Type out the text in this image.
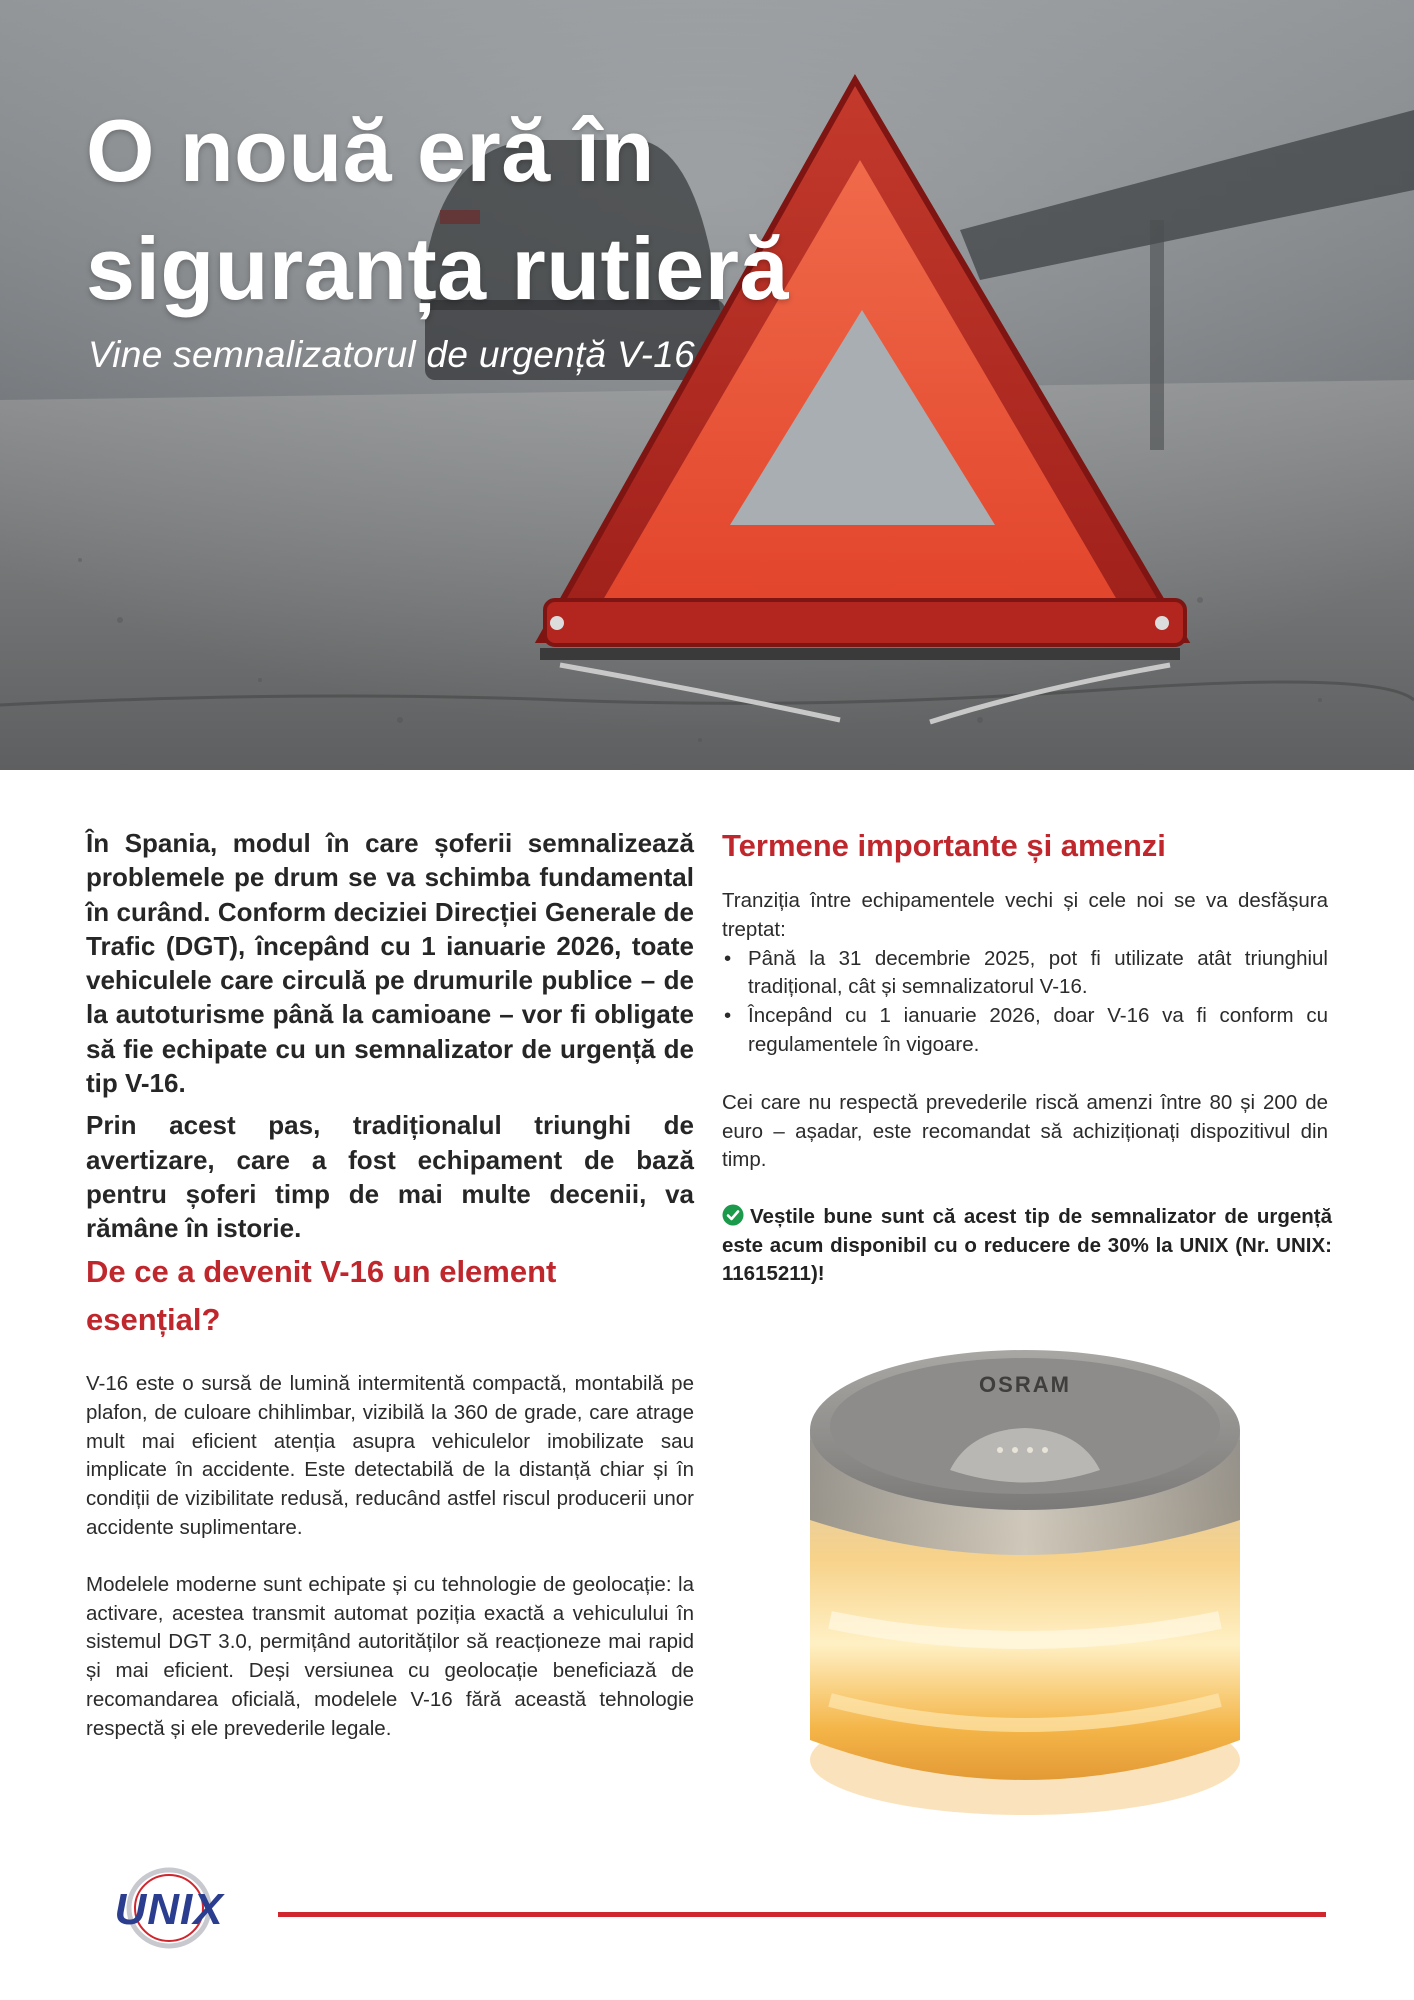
O nouă eră în
siguranța rutieră
Vine semnalizatorul de urgență V-16

În Spania, modul în care șoferii semnalizează problemele pe drum se va schimba fundamental în curând. Conform deciziei Direcției Generale de Trafic (DGT), începând cu 1 ianuarie 2026, toate vehiculele care circulă pe drumurile publice – de la autoturisme până la camioane – vor fi obligate să fie echipate cu un semnalizator de urgență de tip V-16.

Prin acest pas, tradiționalul triunghi de avertizare, care a fost echipament de bază pentru șoferi timp de mai multe decenii, va rămâne în istorie.

De ce a devenit V-16 un element
esențial?

V-16 este o sursă de lumină intermitentă compactă, montabilă pe plafon, de culoare chihlimbar, vizibilă la 360 de grade, care atrage mult mai eficient atenția asupra vehiculelor imobilizate sau implicate în accidente. Este detectabilă de la distanță chiar și în condiții de vizibilitate redusă, reducând astfel riscul producerii unor accidente suplimentare.

Modelele moderne sunt echipate și cu tehnologie de geolocație: la activare, acestea transmit automat poziția exactă a vehiculului în sistemul DGT 3.0, permițând autorităților să reacționeze mai rapid și mai eficient. Deși versiunea cu geolocație beneficiază de recomandarea oficială, modelele V-16 fără această tehnologie respectă și ele prevederile legale.

Termene importante și amenzi

Tranziția între echipamentele vechi și cele noi se va desfășura treptat:

• Până la 31 decembrie 2025, pot fi utilizate atât triunghiul tradițional, cât și semnalizatorul V-16.
• Începând cu 1 ianuarie 2026, doar V-16 va fi conform cu regulamentele în vigoare.

Cei care nu respectă prevederile riscă amenzi între 80 și 200 de euro – așadar, este recomandat să achiziționați dispozitivul din timp.

Veștile bune sunt că acest tip de semnalizator de urgență este acum disponibil cu o reducere de 30% la UNIX (Nr. UNIX: 11615211)!
OSRAM
UNIX
